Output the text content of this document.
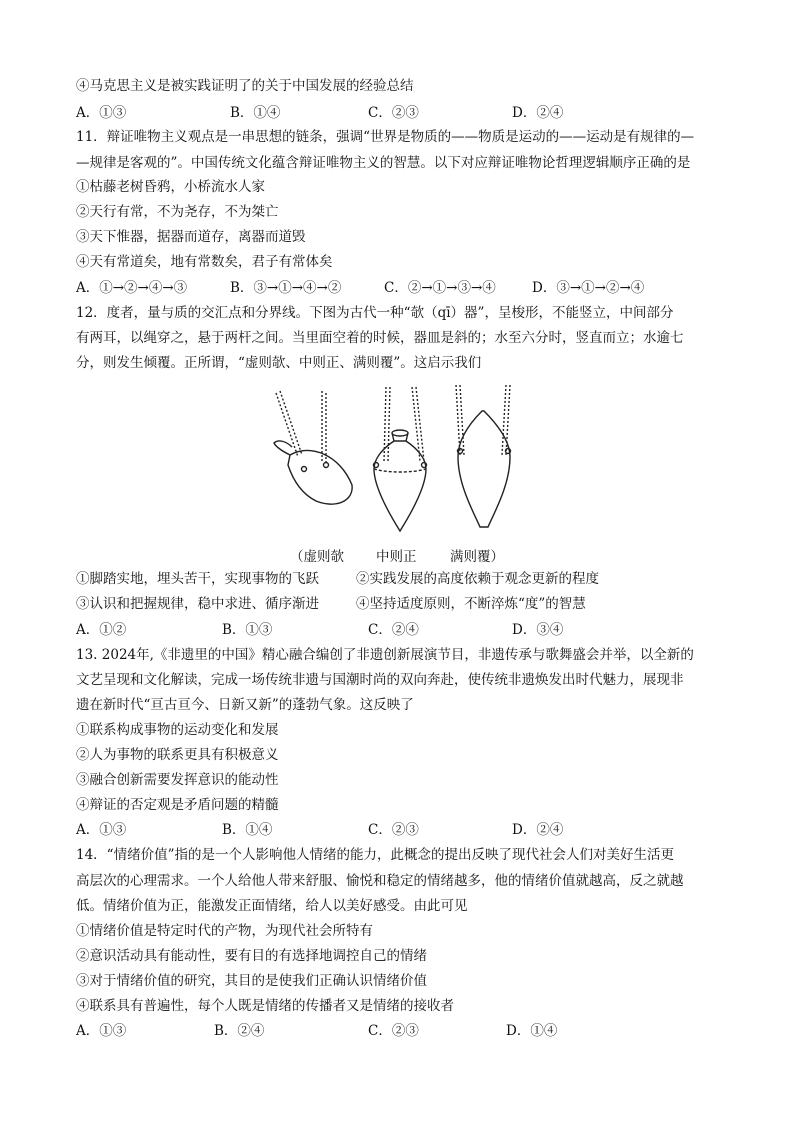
④马克思主义是被实践证明了的关于中国发展的经验总结
A．①③	B．①④	C．②③	D．②④
11．辩证唯物主义观点是一串思想的链条，强调“世界是物质的——物质是运动的——运动是有规律的—
—规律是客观的”。中国传统文化蕴含辩证唯物主义的智慧。以下对应辩证唯物论哲理逻辑顺序正确的是
①枯藤老树昏鸦，小桥流水人家
②天行有常，不为尧存，不为桀亡
③天下惟器，据器而道存，离器而道毁
④天有常道矣，地有常数矣，君子有常体矣
A．①→②→④→③	B．③→①→④→②	C．②→①→③→④	D．③→①→②→④
12．度者，量与质的交汇点和分界线。下图为古代一种“欹（qī）器”，呈梭形，不能竖立，中间部分
有两耳，以绳穿之，悬于两杆之间。当里面空着的时候，器皿是斜的；水至六分时，竖直而立；水逾七
分，则发生倾覆。正所谓，“虚则欹、中则正、满则覆”。这启示我们
（虚则欹 中则正 满则覆）
①脚踏实地，埋头苦干，实现事物的飞跃	②实践发展的高度依赖于观念更新的程度
③认识和把握规律，稳中求进、循序渐进	④坚持适度原则，不断淬炼“度”的智慧
A．①②	B．①③	C．②④	D．③④
13. 2024年,《非遗里的中国》精心融合编创了非遗创新展演节目，非遗传承与歌舞盛会并举，以全新的
文艺呈现和文化解读，完成一场传统非遗与国潮时尚的双向奔赴，使传统非遗焕发出时代魅力，展现非
遗在新时代“亘古亘今、日新又新”的蓬勃气象。这反映了
①联系构成事物的运动变化和发展
②人为事物的联系更具有积极意义
③融合创新需要发挥意识的能动性
④辩证的否定观是矛盾问题的精髓
A．①③	B．①④	C．②③	D．②④
14．“情绪价值”指的是一个人影响他人情绪的能力，此概念的提出反映了现代社会人们对美好生活更
高层次的心理需求。一个人给他人带来舒服、愉悦和稳定的情绪越多，他的情绪价值就越高，反之就越
低。情绪价值为正，能激发正面情绪，给人以美好感受。由此可见
①情绪价值是特定时代的产物，为现代社会所特有
②意识活动具有能动性，要有目的有选择地调控自己的情绪
③对于情绪价值的研究，其目的是使我们正确认识情绪价值
④联系具有普遍性，每个人既是情绪的传播者又是情绪的接收者
A．①③	B．②④	C．②③	D．①④
